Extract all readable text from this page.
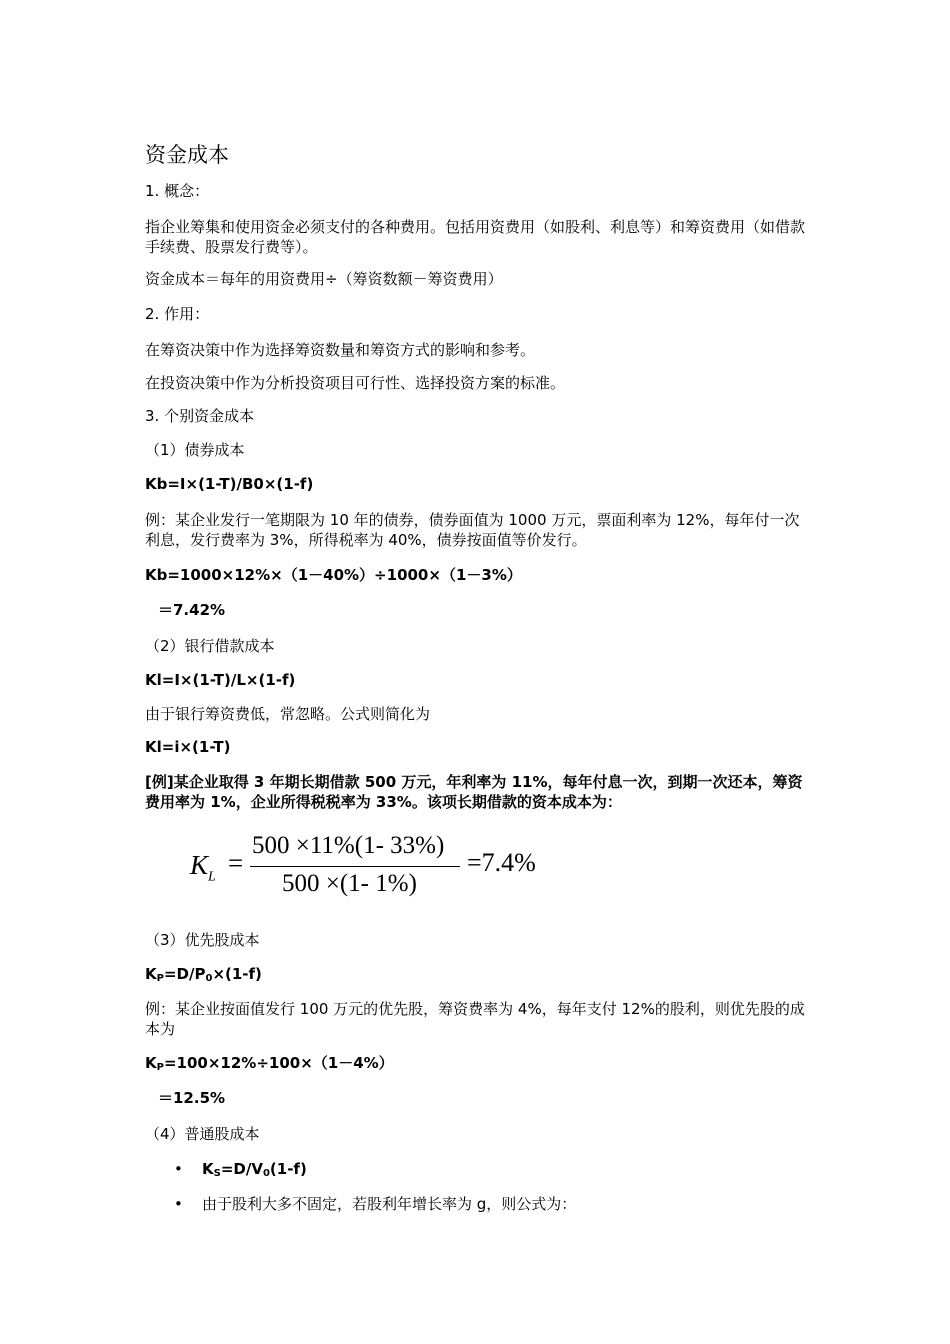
资金成本
1. 概念：
指企业筹集和使用资金必须支付的各种费用。包括用资费用（如股利、利息等）和筹资费用（如借款手续费、股票发行费等）。
资金成本＝每年的用资费用÷（筹资数额－筹资费用）
2. 作用：
在筹资决策中作为选择筹资数量和筹资方式的影响和参考。
在投资决策中作为分析投资项目可行性、选择投资方案的标准。
3. 个别资金成本
（1）债券成本
Kb=I×(1-T)/B0×(1-f)
例：某企业发行一笔期限为 10 年的债券，债券面值为 1000 万元，票面利率为 12%，每年付一次利息，发行费率为 3%，所得税率为 40%，债券按面值等价发行。
Kb=1000×12%×（1－40%）÷1000×（1－3%）
＝7.42%
（2）银行借款成本
Kl=I×(1-T)/L×(1-f)
由于银行筹资费低，常忽略。公式则简化为
Kl=i×(1-T)
[例]某企业取得 3 年期长期借款 500 万元，年利率为 11%，每年付息一次，到期一次还本，筹资费用率为 1%，企业所得税税率为 33%。该项长期借款的资本成本为：
$K_L$ =
500 ×11%(1- 33%)
500 ×(1- 1%)
=7.4%
（3）优先股成本
$K_P=D/P_0\times(1-f)$
例：某企业按面值发行 100 万元的优先股，筹资费率为 4%，每年支付 12%的股利，则优先股的成本为
$K_P=100\times 12\%\div 100\times(1-4\%)$
＝12.5%
（4）普通股成本
• $K_S=D/V_0(1-f)$
• 由于股利大多不固定，若股利年增长率为 g，则公式为：
